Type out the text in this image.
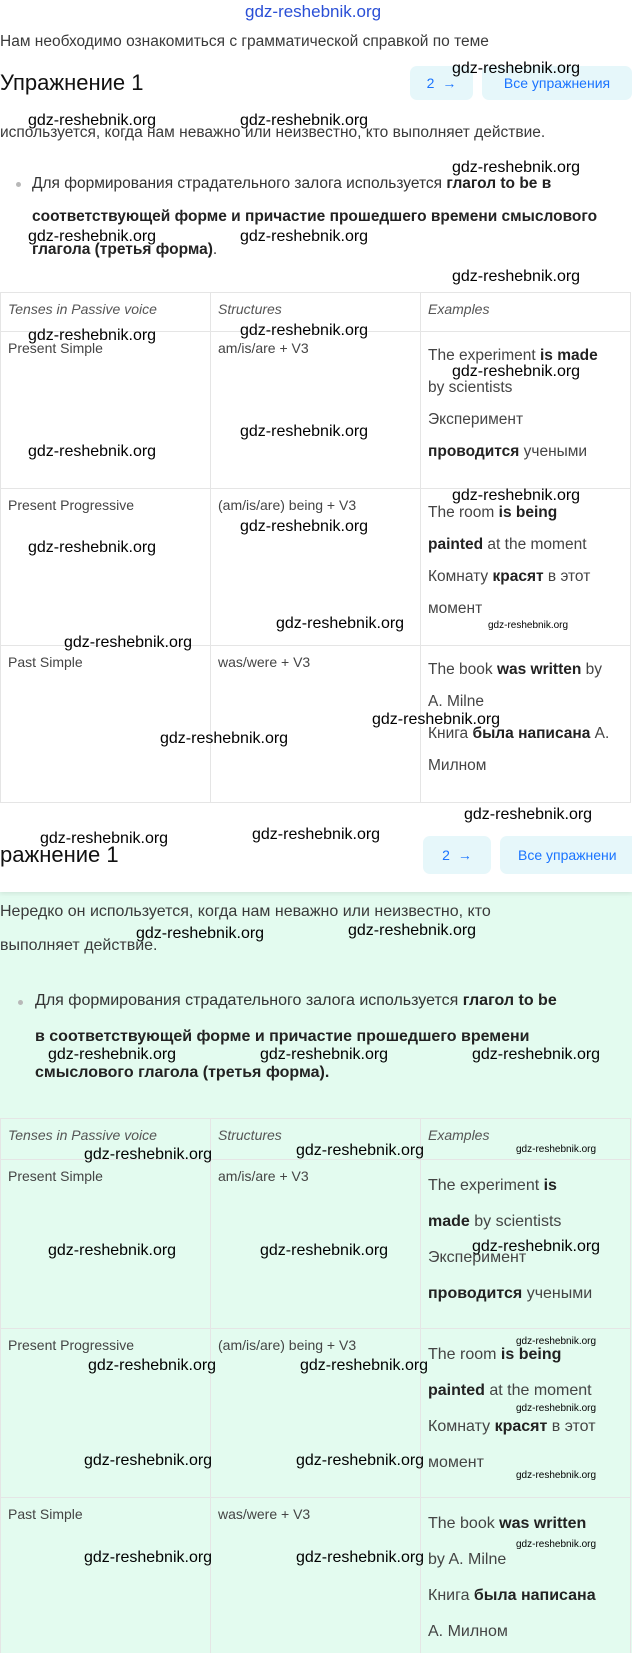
Нам необходимо ознакомиться с грамматической справкой по теме
Упражнение 1	2 →	Все упражнения
используется, когда нам неважно или неизвестно, кто выполняет действие.
Для формирования страдательного залога используется глагол to be в
соответствующей форме и причастие прошедшего времени смыслового
глагола (третья форма).
Tenses in Passive voice	Structures	Examples
Present Simple	am/is/are + V3	The experiment is made
by scientists
Эксперимент
проводится учеными

Present Progressive	(am/is/are) being + V3	The room is being
painted at the moment
Комнату красят в этот
момент

Past Simple	was/were + V3	The book was written by
A. Milne
Книга была написана А.
Милном
ражнение 1	2 →	Все упражнени
Нередко он используется, когда нам неважно или неизвестно, кто
выполняет действие.
Для формирования страдательного залога используется глагол to be
в соответствующей форме и причастие прошедшего времени
смыслового глагола (третья форма).
Tenses in Passive voice	Structures	Examples
Present Simple	am/is/are + V3	The experiment is
made by scientists
Эксперимент
проводится учеными

Present Progressive	(am/is/are) being + V3	The room is being
painted at the moment
Комнату красят в этот
момент

Past Simple	was/were + V3	The book was written
by A. Milne
Книга была написана
А. Милном
gdz-reshebnik.org
gdz-reshebnik.org
gdz-reshebnik.org	gdz-reshebnik.org
gdz-reshebnik.org
gdz-reshebnik.org	gdz-reshebnik.org
gdz-reshebnik.org
gdz-reshebnik.org
gdz-reshebnik.org
gdz-reshebnik.org
gdz-reshebnik.org
gdz-reshebnik.org
gdz-reshebnik.org
gdz-reshebnik.org
gdz-reshebnik.org
gdz-reshebnik.org	gdz-reshebnik.org
gdz-reshebnik.org
gdz-reshebnik.org
gdz-reshebnik.org
gdz-reshebnik.org
gdz-reshebnik.org
gdz-reshebnik.org
gdz-reshebnik.org	gdz-reshebnik.org
gdz-reshebnik.org	gdz-reshebnik.org	gdz-reshebnik.org
gdz-reshebnik.org
gdz-reshebnik.org	gdz-reshebnik.org
gdz-reshebnik.org	gdz-reshebnik.org	gdz-reshebnik.org
gdz-reshebnik.org
gdz-reshebnik.org	gdz-reshebnik.org
gdz-reshebnik.org
gdz-reshebnik.org	gdz-reshebnik.org
gdz-reshebnik.org
gdz-reshebnik.org
gdz-reshebnik.org	gdz-reshebnik.org
